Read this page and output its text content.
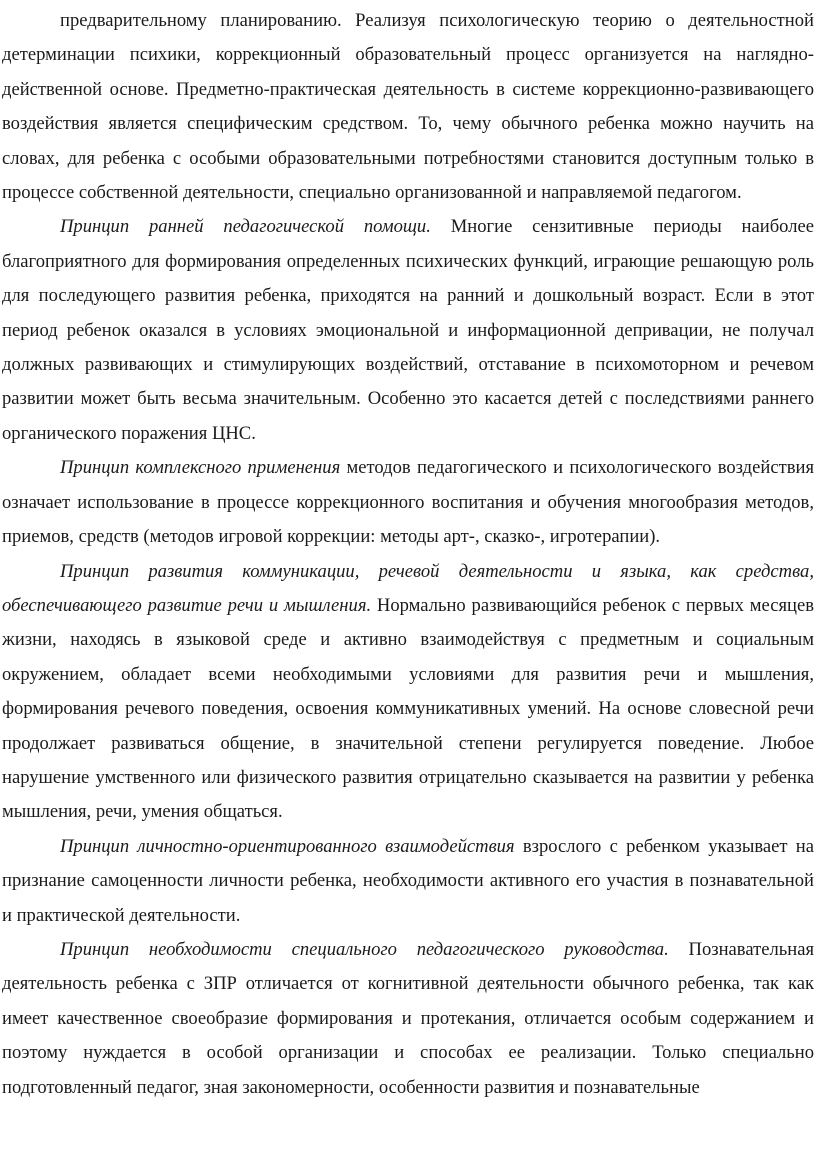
предварительному планированию. Реализуя психологическую теорию о деятельностной детерминации психики, коррекционный образовательный процесс организуется на наглядно-действенной основе. Предметно-практическая деятельность в системе коррекционно-развивающего воздействия является специфическим средством. То, чему обычного ребенка можно научить на словах, для ребенка с особыми образовательными потребностями становится доступным только в процессе собственной деятельности, специально организованной и направляемой педагогом.

Принцип ранней педагогической помощи. Многие сензитивные периоды наиболее благоприятного для формирования определенных психических функций, играющие решающую роль для последующего развития ребенка, приходятся на ранний и дошкольный возраст. Если в этот период ребенок оказался в условиях эмоциональной и информационной депривации, не получал должных развивающих и стимулирующих воздействий, отставание в психомоторном и речевом развитии может быть весьма значительным. Особенно это касается детей с последствиями раннего органического поражения ЦНС.

Принцип комплексного применения методов педагогического и психологического воздействия означает использование в процессе коррекционного воспитания и обучения многообразия методов, приемов, средств (методов игровой коррекции: методы арт-, сказко-, игротерапии).

Принцип развития коммуникации, речевой деятельности и языка, как средства, обеспечивающего развитие речи и мышления. Нормально развивающийся ребенок с первых месяцев жизни, находясь в языковой среде и активно взаимодействуя с предметным и социальным окружением, обладает всеми необходимыми условиями для развития речи и мышления, формирования речевого поведения, освоения коммуникативных умений. На основе словесной речи продолжает развиваться общение, в значительной степени регулируется поведение. Любое нарушение умственного или физического развития отрицательно сказывается на развитии у ребенка мышления, речи, умения общаться.

Принцип личностно-ориентированного взаимодействия взрослого с ребенком указывает на признание самоценности личности ребенка, необходимости активного его участия в познавательной и практической деятельности.

Принцип необходимости специального педагогического руководства. Познавательная деятельность ребенка с ЗПР отличается от когнитивной деятельности обычного ребенка, так как имеет качественное своеобразие формирования и протекания, отличается особым содержанием и поэтому нуждается в особой организации и способах ее реализации. Только специально подготовленный педагог, зная закономерности, особенности развития и познавательные
